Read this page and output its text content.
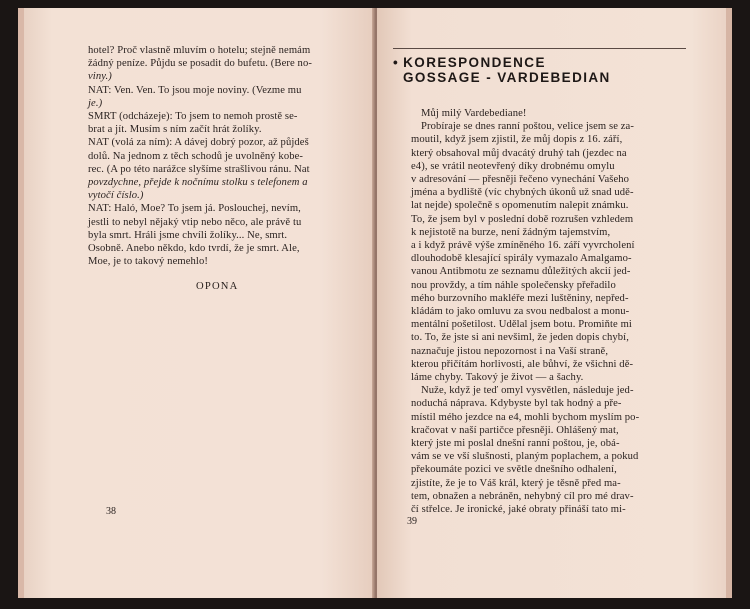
hotel? Proč vlastně mluvím o hotelu; stejně nemám
žádný peníze. Půjdu se posadit do bufetu. (Bere no-
viny.)
NAT: Ven. Ven. To jsou moje noviny. (Vezme mu
je.)
SMRT (odcházeje): To jsem to nemoh prostě se-
brat a jít. Musím s ním začít hrát žolíky.
NAT (volá za ním): A dávej dobrý pozor, až půjdeš
dolů. Na jednom z těch schodů je uvolněný kobe-
rec. (A po této narážce slyšíme strašlivou ránu. Nat
povzdychne, přejde k nočnímu stolku s telefonem a
vytočí číslo.)
NAT: Haló, Moe? To jsem já. Poslouchej, nevím,
jestli to nebyl nějaký vtip nebo něco, ale právě tu
byla smrt. Hráli jsme chvíli žolíky... Ne, smrt.
Osobně. Anebo někdo, kdo tvrdí, že je smrt. Ale,
Moe, je to takový nemehlo!
OPONA
38
• KORESPONDENCE
GOSSAGE - VARDEBEDIAN
Můj milý Vardebediane!
Probíraje se dnes ranní poštou, velice jsem se za-
moutil, když jsem zjistil, že můj dopis z 16. září,
který obsahoval můj dvacátý druhý tah (jezdec na
e4), se vrátil neotevřený díky drobnému omylu
v adresování — přesněji řečeno vynechání Vašeho
jména a bydliště (víc chybných úkonů už snad udě-
lat nejde) společně s opomenutím nalepit známku.
To, že jsem byl v poslední době rozrušen vzhledem
k nejistotě na burze, není žádným tajemstvím,
a i když právě výše zmíněného 16. září vyvrcholení
dlouhodobě klesající spirály vymazalo Amalgamo-
vanou Antibmotu ze seznamu důležitých akcií jed-
nou provždy, a tím náhle společensky přeřadilo
mého burzovního makléře mezi luštěniny, nepřed-
kládám to jako omluvu za svou nedbalost a monu-
mentální pošetilost. Udělal jsem botu. Promiňte mi
to. To, že jste si ani nevšiml, že jeden dopis chybí,
naznačuje jistou nepozornost i na Vaší straně,
kterou přičítám horlivosti, ale bůhví, že všichni dě-
láme chyby. Takový je život — a šachy.
Nuže, když je teď omyl vysvětlen, následuje jed-
noduchá náprava. Kdybyste byl tak hodný a pře-
místil mého jezdce na e4, mohli bychom myslím po-
kračovat v naší partičce přesněji. Ohlášený mat,
který jste mi poslal dnešní ranní poštou, je, obá-
vám se ve vší slušnosti, planým poplachem, a pokud
překoumáte pozici ve světle dnešního odhalení,
zjistíte, že je to Váš král, který je těsně před ma-
tem, obnažen a nebráněn, nehybný cíl pro mé drav-
čí střelce. Je ironické, jaké obraty přináší tato mi-
39
